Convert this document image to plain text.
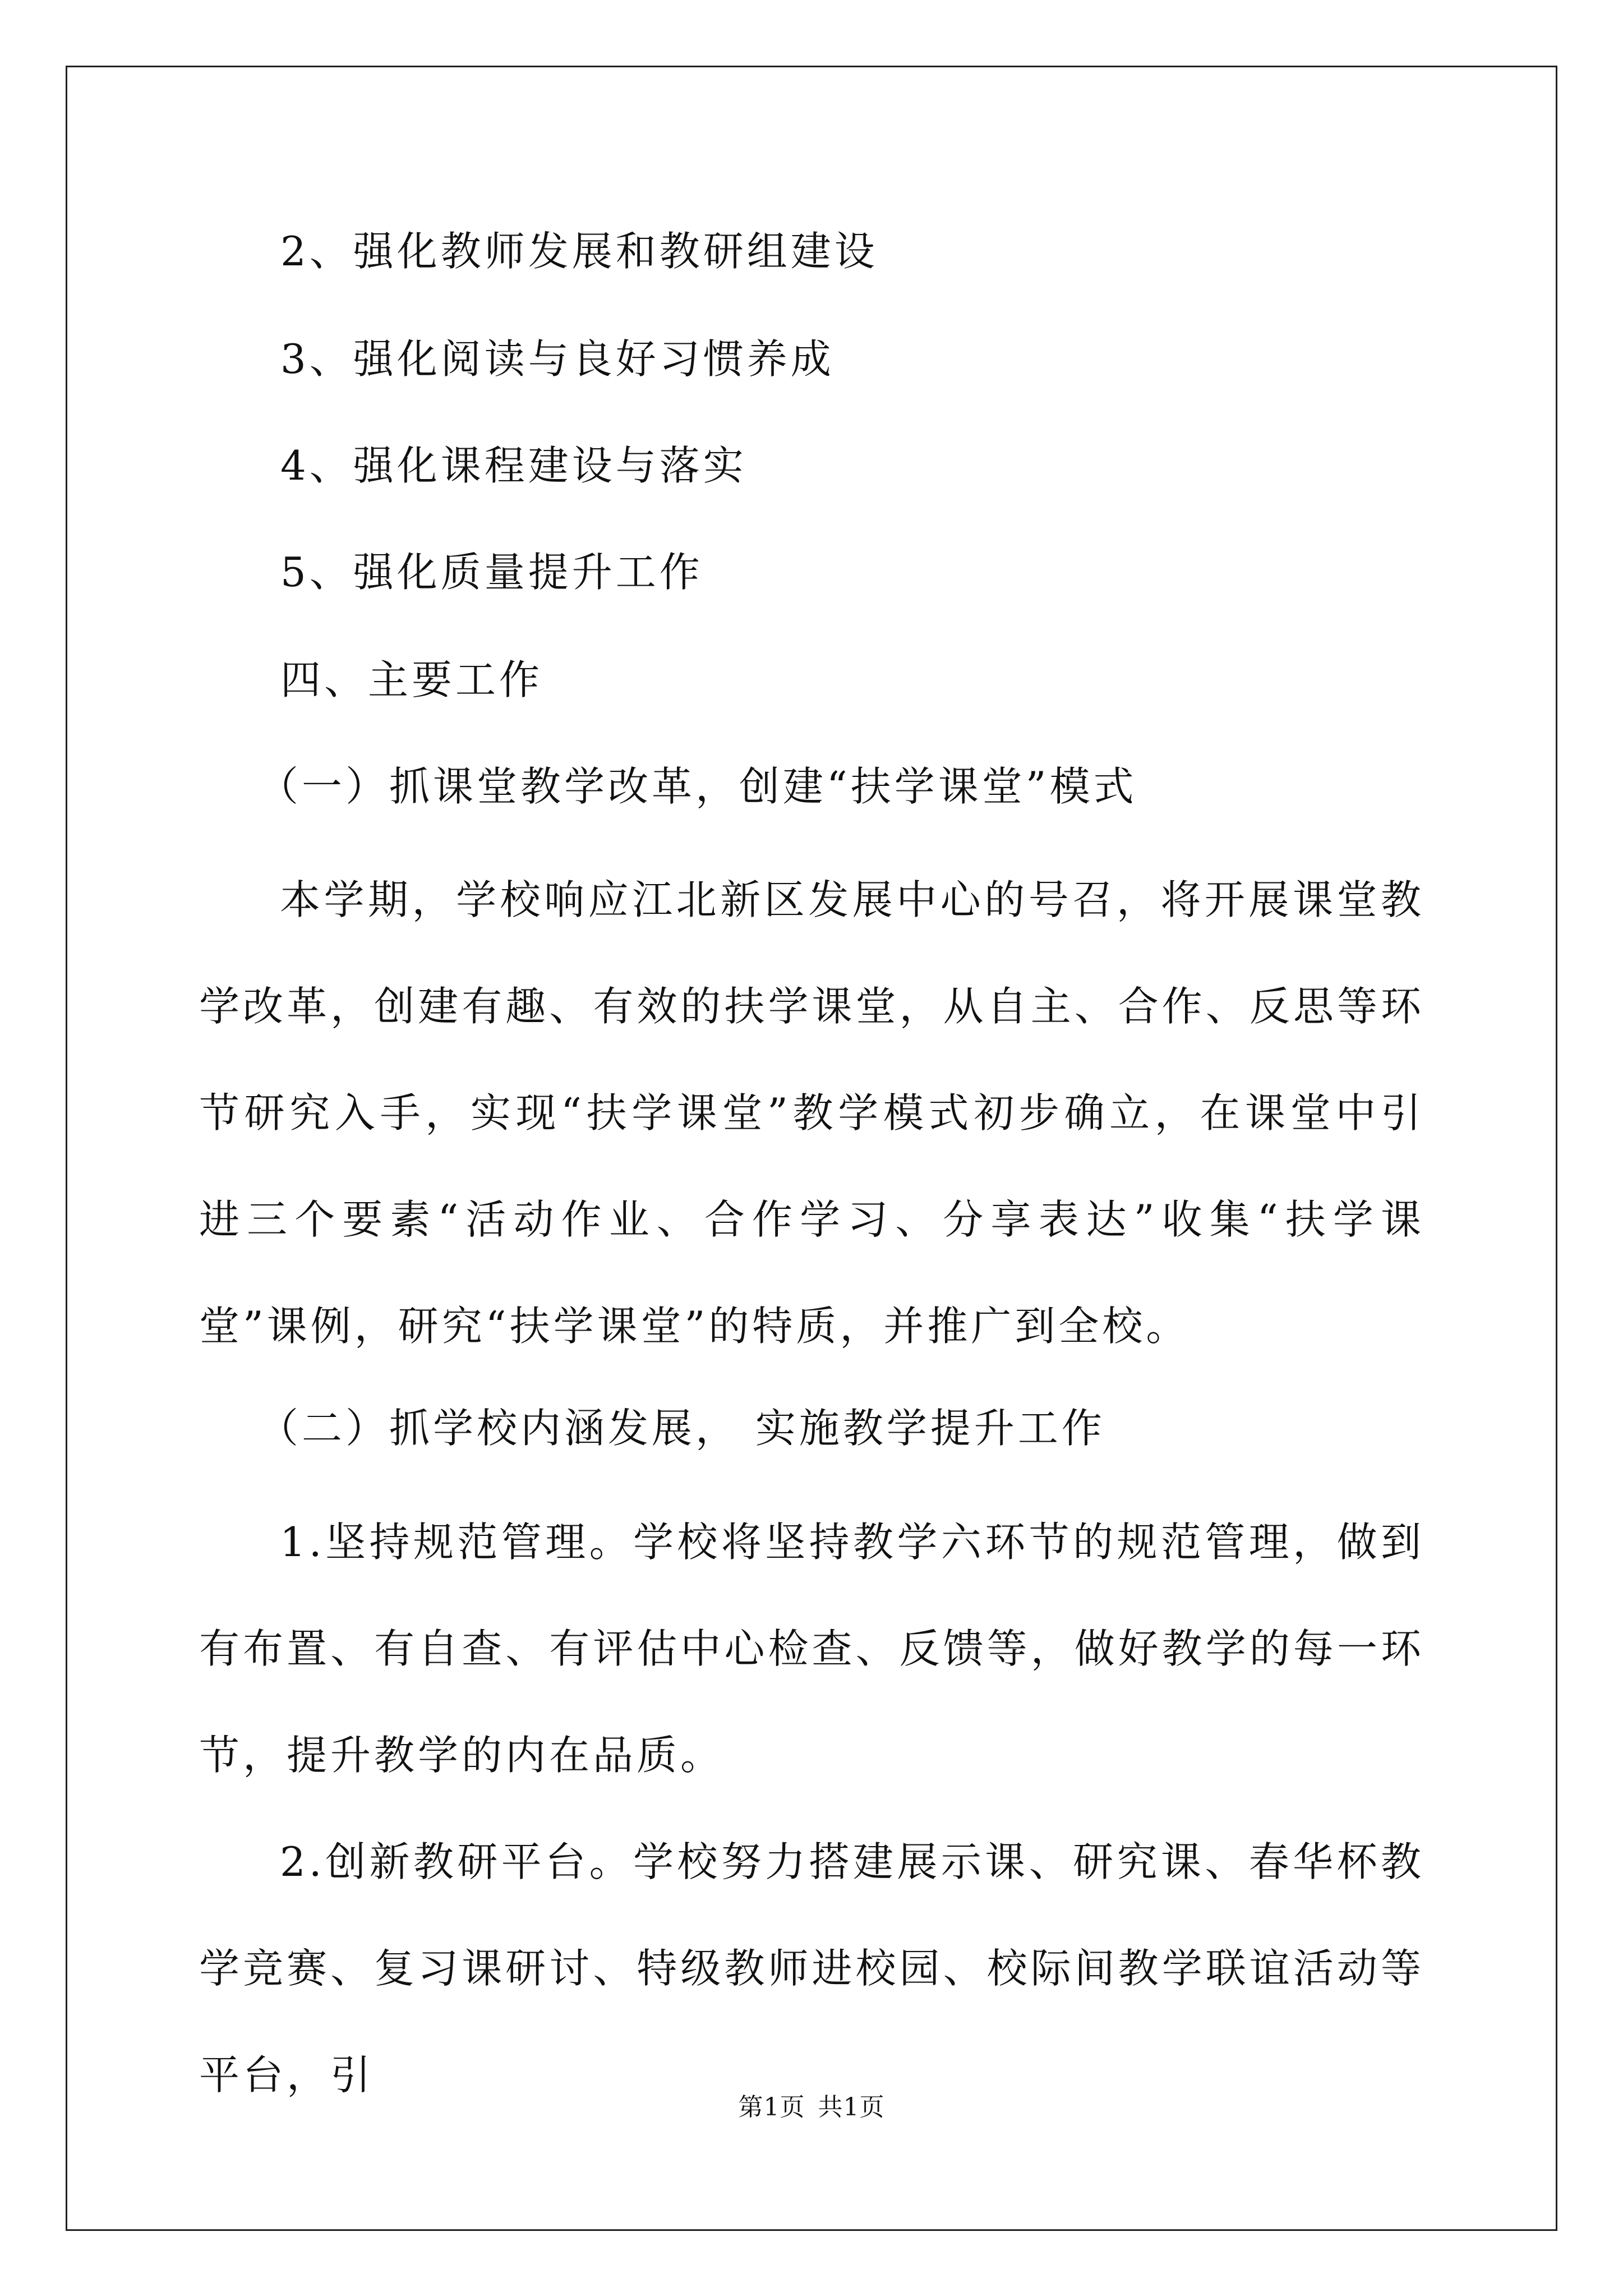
2、强化教师发展和教研组建设
3、强化阅读与良好习惯养成
4、强化课程建设与落实
5、强化质量提升工作
四、主要工作
（一）抓课堂教学改革，创建“扶学课堂”模式
本学期，学校响应江北新区发展中心的号召，将开展课堂教学改革，创建有趣、有效的扶学课堂，从自主、合作、反思等环节研究入手，实现“扶学课堂”教学模式初步确立，在课堂中引进三个要素“活动作业、合作学习、分享表达”收集“扶学课堂”课例，研究“扶学课堂”的特质，并推广到全校。
（二）抓学校内涵发展， 实施教学提升工作
1.坚持规范管理。学校将坚持教学六环节的规范管理，做到有布置、有自查、有评估中心检查、反馈等，做好教学的每一环节，提升教学的内在品质。
2.创新教研平台。学校努力搭建展示课、研究课、春华杯教学竞赛、复习课研讨、特级教师进校园、校际间教学联谊活动等平台，引
第1页 共1页
